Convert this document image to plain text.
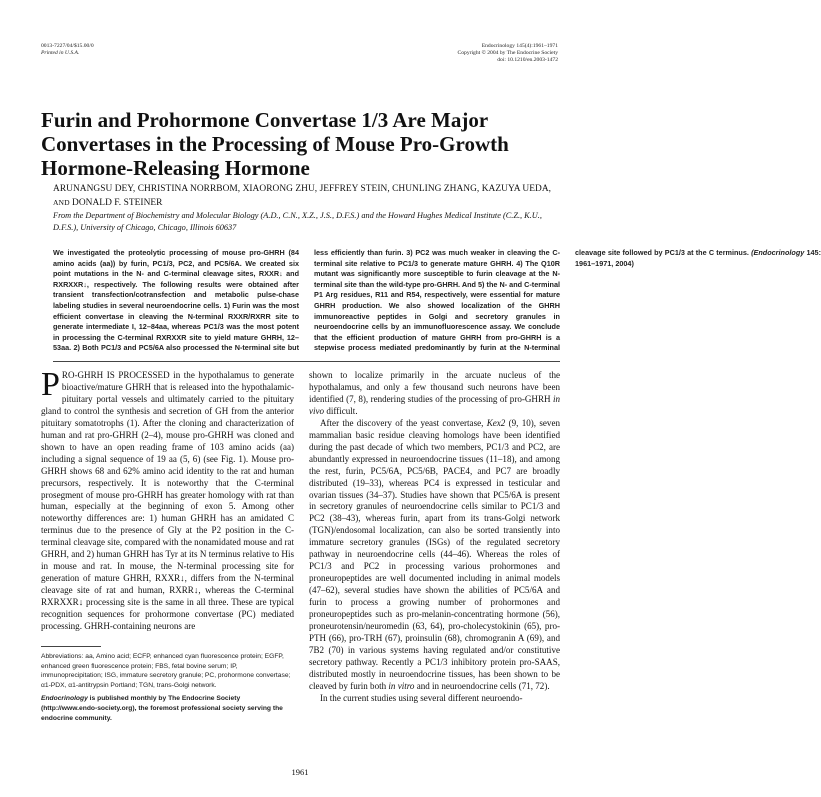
0013-7227/04/$15.00/0
Printed in U.S.A.
Endocrinology 145(4):1961–1971
Copyright © 2004 by The Endocrine Society
doi: 10.1210/en.2003-1472
Furin and Prohormone Convertase 1/3 Are Major Convertases in the Processing of Mouse Pro-Growth Hormone-Releasing Hormone
ARUNANGSU DEY, CHRISTINA NORRBOM, XIAORONG ZHU, JEFFREY STEIN, CHUNLING ZHANG, KAZUYA UEDA, AND DONALD F. STEINER
From the Department of Biochemistry and Molecular Biology (A.D., C.N., X.Z., J.S., D.F.S.) and the Howard Hughes Medical Institute (C.Z., K.U., D.F.S.), University of Chicago, Chicago, Illinois 60637

We investigated the proteolytic processing of mouse pro-GHRH (84 amino acids (aa)) by furin, PC1/3, PC2, and PC5/6A. We created six point mutations in the N- and C-terminal cleavage sites, RXXR↓ and RXRXXR↓, respectively. The following results were obtained after transient transfection/cotransfection and metabolic pulse-chase labeling studies in several neuroendocrine cells. 1) Furin was the most efficient convertase in cleaving the N-terminal RXXR/RXRR site to generate intermediate I, 12–84aa, whereas PC1/3 was the most potent in processing the C-terminal RXRXXR site to yield mature GHRH, 12–53aa. 2) Both PC1/3 and PC5/6A also processed the N-terminal site but less efficiently than furin. 3) PC2 was much weaker in cleaving the C-terminal site relative to PC1/3 to generate mature GHRH. 4) The Q10R mutant was significantly more susceptible to furin cleavage at the N-terminal site than the wild-type pro-GHRH. And 5) the N- and C-terminal P1 Arg residues, R11 and R54, respectively, were essential for mature GHRH production. We also showed localization of the GHRH immunoreactive peptides in Golgi and secretory granules in neuroendocrine cells by an immunofluorescence assay. We conclude that the efficient production of mature GHRH from pro-GHRH is a stepwise process mediated predominantly by furin at the N-terminal cleavage site followed by PC1/3 at the C terminus. (Endocrinology 145: 1961–1971, 2004)

PRO-GHRH IS PROCESSED in the hypothalamus to generate bioactive/mature GHRH that is released into the hypothalamic-pituitary portal vessels and ultimately carried to the pituitary gland to control the synthesis and secretion of GH from the anterior pituitary somatotrophs (1). After the cloning and characterization of human and rat pro-GHRH (2–4), mouse pro-GHRH was cloned and shown to have an open reading frame of 103 amino acids (aa) including a signal sequence of 19 aa (5, 6) (see Fig. 1). Mouse pro-GHRH shows 68 and 62% amino acid identity to the rat and human precursors, respectively. It is noteworthy that the C-terminal prosegment of mouse pro-GHRH has greater homology with rat than human, especially at the beginning of exon 5. Among other noteworthy differences are: 1) human GHRH has an amidated C terminus due to the presence of Gly at the P2 position in the C-terminal cleavage site, compared with the nonamidated mouse and rat GHRH, and 2) human GHRH has Tyr at its N terminus relative to His in mouse and rat. In mouse, the N-terminal processing site for generation of mature GHRH, RXXR↓, differs from the N-terminal cleavage site of rat and human, RXRR↓, whereas the C-terminal RXRXXR↓ processing site is the same in all three. These are typical recognition sequences for prohormone convertase (PC) mediated processing. GHRH-containing neurons are

Abbreviations: aa, Amino acid; ECFP, enhanced cyan fluorescence protein; EGFP, enhanced green fluorescence protein; FBS, fetal bovine serum; IP, immunoprecipitation; ISG, immature secretory granule; PC, prohormone convertase; α1-PDX, α1-antitrypsin Portland; TGN, trans-Golgi network.

Endocrinology is published monthly by The Endocrine Society (http://www.endo-society.org), the foremost professional society serving the endocrine community.

shown to localize primarily in the arcuate nucleus of the hypothalamus, and only a few thousand such neurons have been identified (7, 8), rendering studies of the processing of pro-GHRH in vivo difficult.

After the discovery of the yeast convertase, Kex2 (9, 10), seven mammalian basic residue cleaving homologs have been identified during the past decade of which two members, PC1/3 and PC2, are abundantly expressed in neuroendocrine tissues (11–18), and among the rest, furin, PC5/6A, PC5/6B, PACE4, and PC7 are broadly distributed (19–33), whereas PC4 is expressed in testicular and ovarian tissues (34–37). Studies have shown that PC5/6A is present in secretory granules of neuroendocrine cells similar to PC1/3 and PC2 (38–43), whereas furin, apart from its trans-Golgi network (TGN)/endosomal localization, can also be sorted transiently into immature secretory granules (ISGs) of the regulated secretory pathway in neuroendocrine cells (44–46). Whereas the roles of PC1/3 and PC2 in processing various prohormones and proneuropeptides are well documented including in animal models (47–62), several studies have shown the abilities of PC5/6A and furin to process a growing number of prohormones and proneuropeptides such as pro-melanin-concentrating hormone (56), proneurotensin/neuromedin (63, 64), pro-cholecystokinin (65), pro-PTH (66), pro-TRH (67), proinsulin (68), chromogranin A (69), and 7B2 (70) in various systems having regulated and/or constitutive secretory pathway. Recently a PC1/3 inhibitory protein pro-SAAS, distributed mostly in neuroendocrine tissues, has been shown to be cleaved by furin both in vitro and in neuroendocrine cells (71, 72).

In the current studies using several different neuroendo-

1961
